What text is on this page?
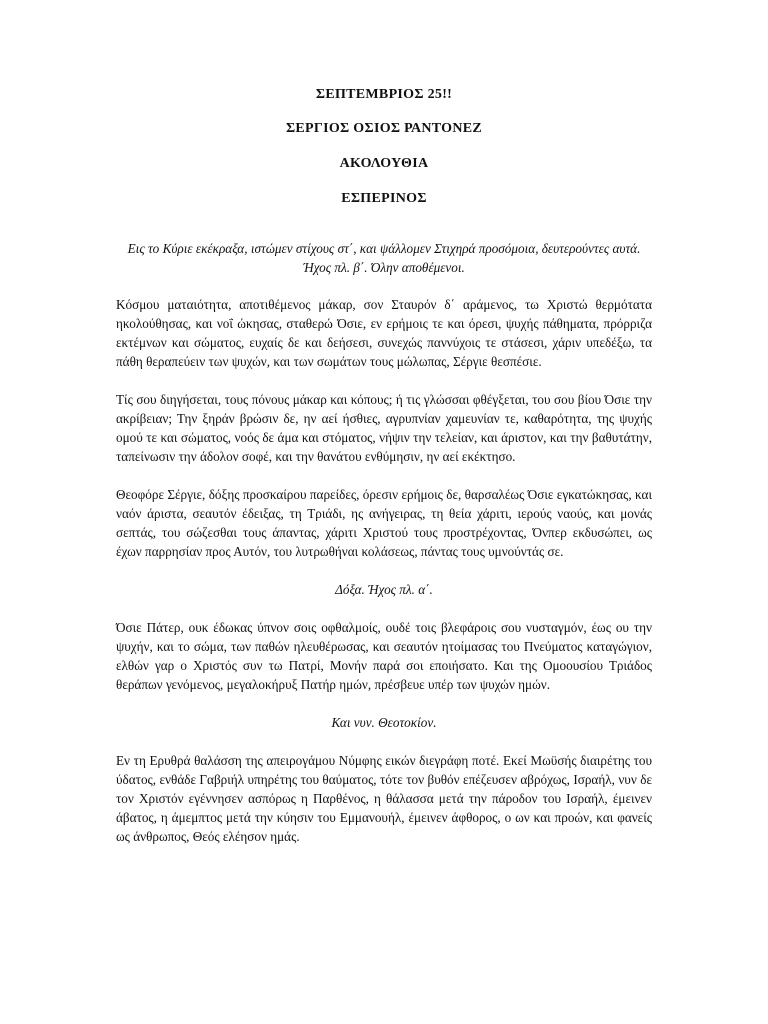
ΣΕΠΤΕΜΒΡΙΟΣ 25!!
ΣΕΡΓΙΟΣ ΟΣΙΟΣ ΡΑΝΤΟΝΕΖ
ΑΚΟΛΟΥΘΙΑ
ΕΣΠΕΡΙΝΟΣ

Εις το Κύριε εκέκραξα, ιστώμεν στίχους στ΄, και ψάλλομεν Στιχηρά προσόμοια, δευτερούντες αυτά. Ήχος πλ. β΄. Όλην αποθέμενοι.

Κόσμου ματαιότητα, αποτιθέμενος μάκαρ, σον Σταυρόν δ΄ αράμενος, τω Χριστώ θερμότατα ηκολούθησας, και νοΐ ώκησας, σταθερώ Όσιε, εν ερήμοις τε και όρεσι, ψυχής πάθηματα, πρόρριζα εκτέμνων και σώματος, ευχαίς δε και δεήσεσι, συνεχώς παννύχοις τε στάσεσι, χάριν υπεδέξω, τα πάθη θεραπεύειν των ψυχών, και των σωμάτων τους μώλωπας, Σέργιε θεσπέσιε.

Τίς σου διηγήσεται, τους πόνους μάκαρ και κόπους; ή τις γλώσσαι φθέγξεται, του σου βίου Όσιε την ακρίβειαν; Την ξηράν βρώσιν δε, ην αεί ήσθιες, αγρυπνίαν χαμευνίαν τε, καθαρότητα, της ψυχής ομού τε και σώματος, νοός δε άμα και στόματος, νήψιν την τελείαν, και άριστον, και την βαθυτάτην, ταπείνωσιν την άδολον σοφέ, και την θανάτου ενθύμησιν, ην αεί εκέκτησο.

Θεοφόρε Σέργιε, δόξης προσκαίρου παρείδες, όρεσιν ερήμοις δε, θαρσαλέως Όσιε εγκατώκησας, και ναόν άριστα, σεαυτόν έδειξας, τη Τριάδι, ης ανήγειρας, τη θεία χάριτι, ιερούς ναούς, και μονάς σεπτάς, του σώζεσθαι τους άπαντας, χάριτι Χριστού τους προστρέχοντας, Όνπερ εκδυσώπει, ως έχων παρρησίαν προς Αυτόν, του λυτρωθήναι κολάσεως, πάντας τους υμνούντάς σε.

Δόξα. Ήχος πλ. α΄.

Όσιε Πάτερ, ουκ έδωκας ύπνον σοις οφθαλμοίς, ουδέ τοις βλεφάροις σου νυσταγμόν, έως ου την ψυχήν, και το σώμα, των παθών ηλευθέρωσας, και σεαυτόν ητοίμασας του Πνεύματος καταγώγιον, ελθών γαρ ο Χριστός συν τω Πατρί, Μονήν παρά σοι εποιήσατο. Και της Ομοουσίου Τριάδος θεράπων γενόμενος, μεγαλοκήρυξ Πατήρ ημών, πρέσβευε υπέρ των ψυχών ημών.

Και νυν. Θεοτοκίον.

Εν τη Ερυθρά θαλάσση της απειρογάμου Νύμφης εικών διεγράφη ποτέ. Εκεί Μωϋσής διαιρέτης του ύδατος, ενθάδε Γαβριήλ υπηρέτης του θαύματος, τότε τον βυθόν επέζευσεν αβρόχως, Ισραήλ, νυν δε τον Χριστόν εγέννησεν ασπόρως η Παρθένος, η θάλασσα μετά την πάροδον του Ισραήλ, έμεινεν άβατος, η άμεμπτος μετά την κύησιν του Εμμανουήλ, έμεινεν άφθορος, ο ων και προών, και φανείς ως άνθρωπος, Θεός ελέησον ημάς.
